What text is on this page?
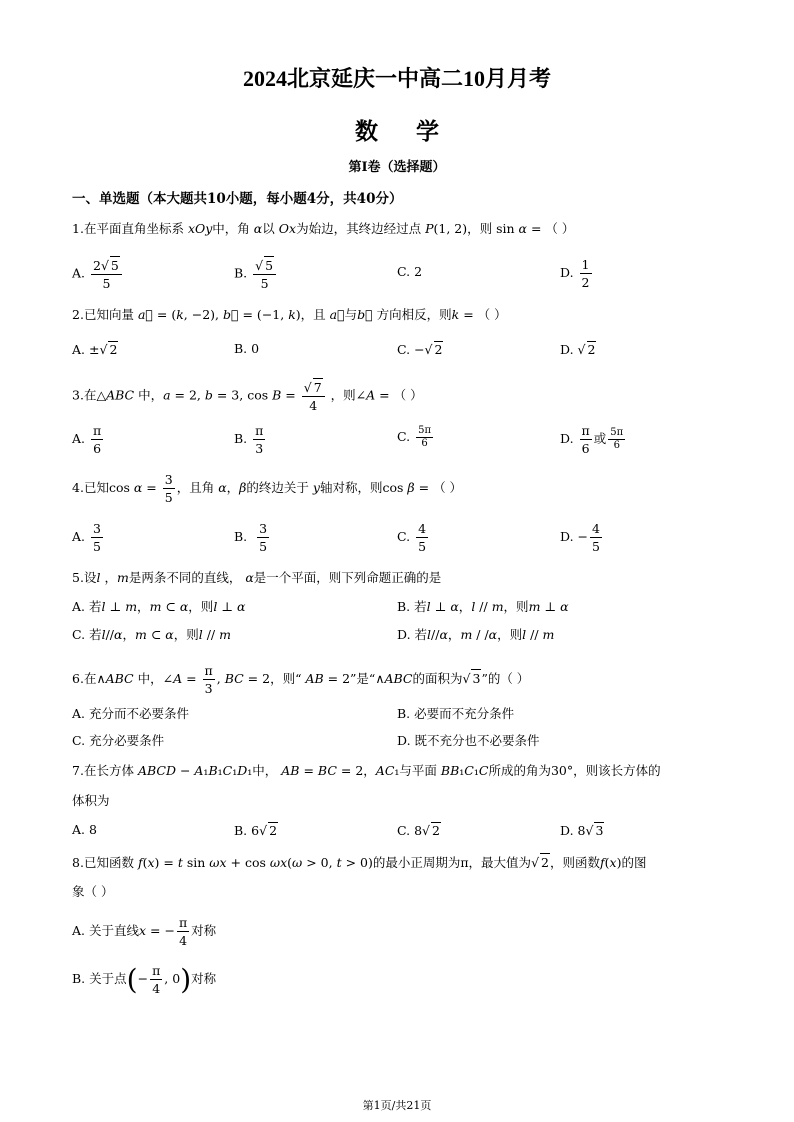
2024北京延庆一中高二10月月考
数学
第I卷（选择题）
一、单选题（本大题共10小题，每小题4分，共40分）
1.在平面直角坐标系 xOy中，角 α以 Ox为始边，其终边经过点 P(1, 2)，则 sin α = （ ）
A. $\frac{2√ 5}{5}$	B. $\frac{√ 5}{5}$	C. 2	D. $\frac{1}{2}$
2.已知向量 a⃗ = (k, −2), b⃗ = (−1, k)，且 a⃗与b⃗ 方向相反，则k = （ ）
A. ±√ 2	B. 0	C. −√ 2	D. √ 2
3.在△ABC 中，a = 2, b = 3, $\cos B = \frac{√ 7}{4}$ ，则∠A = （ ）
A. $\frac{\pi}{6}$	B. $\frac{\pi}{3}$	C. $\frac{5\pi}{6}$	D. $\frac{\pi}{6}$ 或 $\frac{5\pi}{6}$
4.已知$\cos \alpha = \frac{3}{5}$ ，且角 α，β的终边关于 y轴对称，则cos β = （ ）
A. $\frac{3}{5}$	B. $\frac{3}{5}$	C. $\frac{4}{5}$	D. − $\frac{4}{5}$
5.设l ，m是两条不同的直线， α是一个平面，则下列命题正确的是
A. 若l ⊥ m，m ⊂ α，则l ⊥ α	B. 若l ⊥ α，l // m，则m ⊥ α
C. 若l//α，m ⊂ α，则l // m	D. 若l//α，m / /α，则l // m
6.在∧ABC 中，∠A = $\frac{\pi}{3}$ , BC = 2，则“ AB = 2”是“∧ABC的面积为√ 3”的（ ）
A. 充分而不必要条件	B. 必要而不充分条件
C. 充分必要条件	D. 既不充分也不必要条件
7.在长方体 ABCD − A₁B₁C₁D₁中， AB = BC = 2，AC₁与平面 BB₁C₁C所成的角为30°，则该长方体的
体积为
A. 8	B. 6√ 2	C. 8√ 2	D. 8√ 3
8.已知函数 f(x) = t sin ωx + cos ωx(ω > 0, t > 0)的最小正周期为π，最大值为√ 2，则函数f(x)的图
象（ ）
A. 关于直线x = − $\frac{\pi}{4}$ 对称
B. 关于点(− $\frac{\pi}{4}$ , 0)对称
第1页/共21页
